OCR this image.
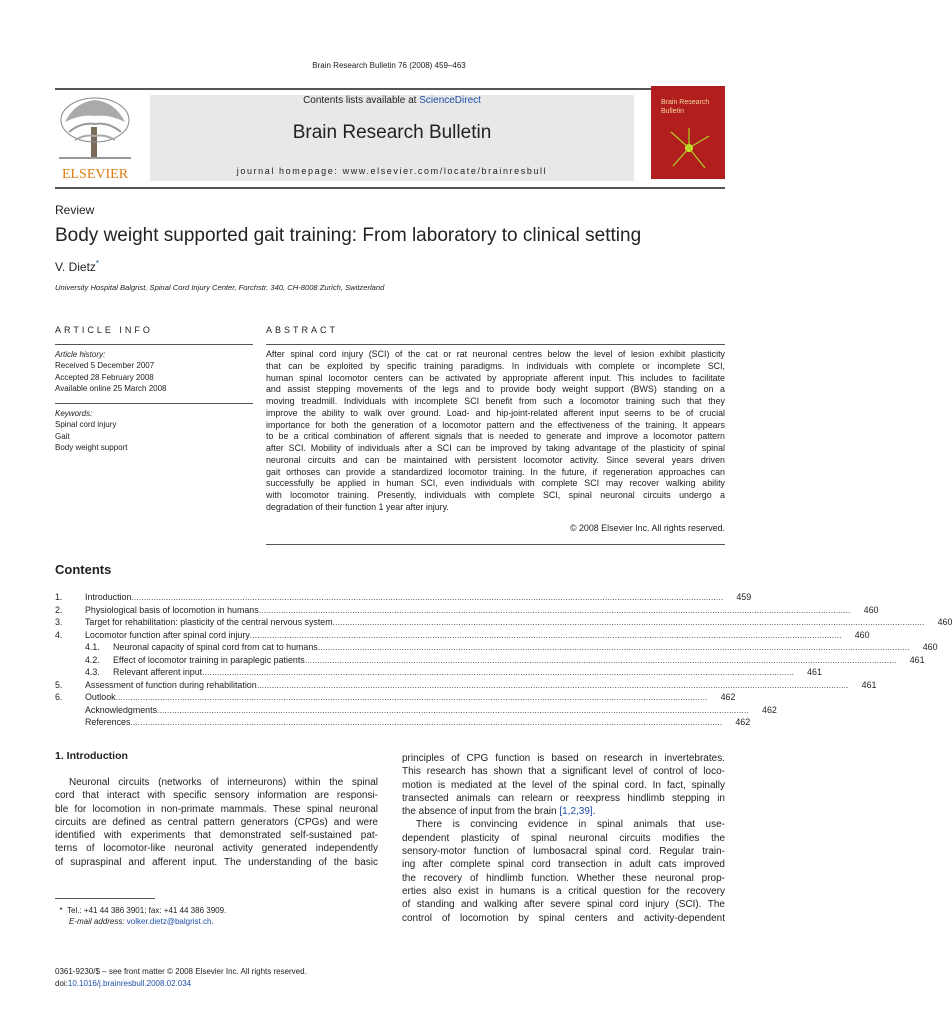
Brain Research Bulletin 76 (2008) 459–463
ELSEVIER
Contents lists available at ScienceDirect
Brain Research Bulletin
journal homepage: www.elsevier.com/locate/brainresbull
Brain Research Bulletin
Review
Body weight supported gait training: From laboratory to clinical setting
V. Dietz*
University Hospital Balgrist, Spinal Cord Injury Center, Forchstr. 340, CH-8008 Zurich, Switzerland
ARTICLE INFO	ABSTRACT
Article history:
Received 5 December 2007
Accepted 28 February 2008
Available online 25 March 2008
Keywords:
Spinal cord injury
Gait
Body weight support
After spinal cord injury (SCI) of the cat or rat neuronal centres below the level of lesion exhibit plasticity
that can be exploited by specific training paradigms. In individuals with complete or incomplete SCI,
human spinal locomotor centers can be activated by appropriate afferent input. This includes to facilitate
and assist stepping movements of the legs and to provide body weight support (BWS) standing on a
moving treadmill. Individuals with incomplete SCI benefit from such a locomotor training such that they
improve the ability to walk over ground. Load- and hip-joint-related afferent input seems to be of crucial
importance for both the generation of a locomotor pattern and the effectiveness of the training. It appears
to be a critical combination of afferent signals that is needed to generate and improve a locomotor pattern
after SCI. Mobility of individuals after a SCI can be improved by taking advantage of the plasticity of spinal
neuronal circuits and can be maintained with persistent locomotor activity. Since several years driven
gait orthoses can provide a standardized locomotor training. In the future, if regeneration approaches can
successfully be applied in human SCI, even individuals with complete SCI may recover walking ability
with locomotor training. Presently, individuals with complete SCI, spinal neuronal circuits undergo a
degradation of their function 1 year after injury.
© 2008 Elsevier Inc. All rights reserved.
Contents
1.	Introduction ................................................................................................................................................................................................................................................	459
2.	Physiological basis of locomotion in humans ................................................................................................................................................................................................................................................	460
3.	Target for rehabilitation: plasticity of the central nervous system ................................................................................................................................................................................................................................................	460
4.	Locomotor function after spinal cord injury ................................................................................................................................................................................................................................................	460
4.1.	Neuronal capacity of spinal cord from cat to humans ................................................................................................................................................................................................................................................	460
4.2.	Effect of locomotor training in paraplegic patients ................................................................................................................................................................................................................................................	461
4.3.	Relevant afferent input ................................................................................................................................................................................................................................................	461
5.	Assessment of function during rehabilitation ................................................................................................................................................................................................................................................	461
6.	Outlook ................................................................................................................................................................................................................................................	462
Acknowledgments ................................................................................................................................................................................................................................................	462
References ................................................................................................................................................................................................................................................	462
1. Introduction
Neuronal circuits (networks of interneurons) within the spinal
cord that interact with specific sensory information are responsi-
ble for locomotion in non-primate mammals. These spinal neuronal
circuits are defined as central pattern generators (CPGs) and were
identified with experiments that demonstrated self-sustained pat-
terns of locomotor-like neuronal activity generated independently
of supraspinal and afferent input. The understanding of the basic
principles of CPG function is based on research in invertebrates.
This research has shown that a significant level of control of loco-
motion is mediated at the level of the spinal cord. In fact, spinally
transected animals can relearn or reexpress hindlimb stepping in
the absence of input from the brain [1,2,39].
There is convincing evidence in spinal animals that use-
dependent plasticity of spinal neuronal circuits modifies the
sensory-motor function of lumbosacral spinal cord. Regular train-
ing after complete spinal cord transection in adult cats improved
the recovery of hindlimb function. Whether these neuronal prop-
erties also exist in humans is a critical question for the recovery
of standing and walking after severe spinal cord injury (SCI). The
control of locomotion by spinal centers and activity-dependent
* Tel.: +41 44 386 3901; fax: +41 44 386 3909.
E-mail address: volker.dietz@balgrist.ch.
0361-9230/$ – see front matter © 2008 Elsevier Inc. All rights reserved.
doi:10.1016/j.brainresbull.2008.02.034
